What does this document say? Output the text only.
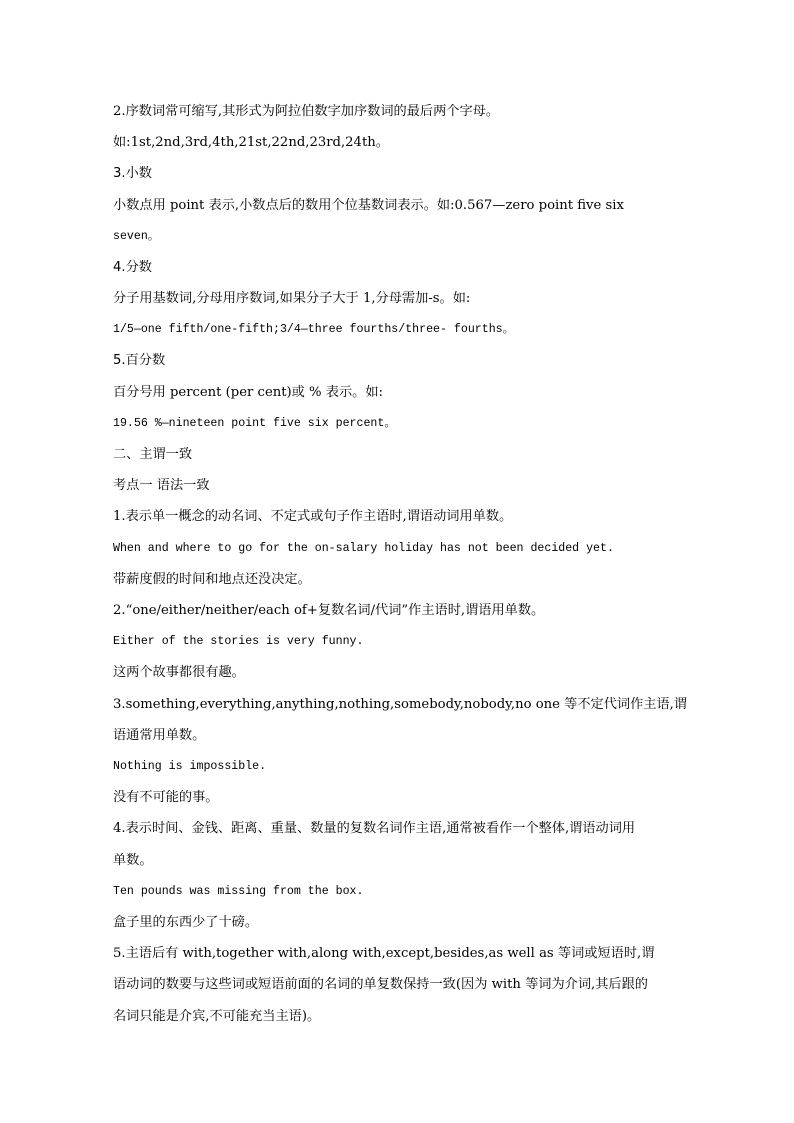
2.序数词常可缩写,其形式为阿拉伯数字加序数词的最后两个字母。
如:1st,2nd,3rd,4th,21st,22nd,23rd,24th。
3.小数
小数点用 point 表示,小数点后的数用个位基数词表示。如:0.567—zero point five six
seven。
4.分数
分子用基数词,分母用序数词,如果分子大于 1,分母需加-s。如:
1/5—one fifth/one-fifth;3/4—three fourths/three- fourths。
5.百分数
百分号用 percent (per cent)或 % 表示。如:
19.56 %—nineteen point five six percent。
二、主谓一致
考点一 语法一致
1.表示单一概念的动名词、不定式或句子作主语时,谓语动词用单数。
When and where to go for the on-salary holiday has not been decided yet.
带薪度假的时间和地点还没决定。
2.“one/either/neither/each of+复数名词/代词”作主语时,谓语用单数。
Either of the stories is very funny.
这两个故事都很有趣。
3.something,everything,anything,nothing,somebody,nobody,no one 等不定代词作主语,谓
语通常用单数。
Nothing is impossible.
没有不可能的事。
4.表示时间、金钱、距离、重量、数量的复数名词作主语,通常被看作一个整体,谓语动词用
单数。
Ten pounds was missing from the box.
盒子里的东西少了十磅。
5.主语后有 with,together with,along with,except,besides,as well as 等词或短语时,谓
语动词的数要与这些词或短语前面的名词的单复数保持一致(因为 with 等词为介词,其后跟的
名词只能是介宾,不可能充当主语)。
